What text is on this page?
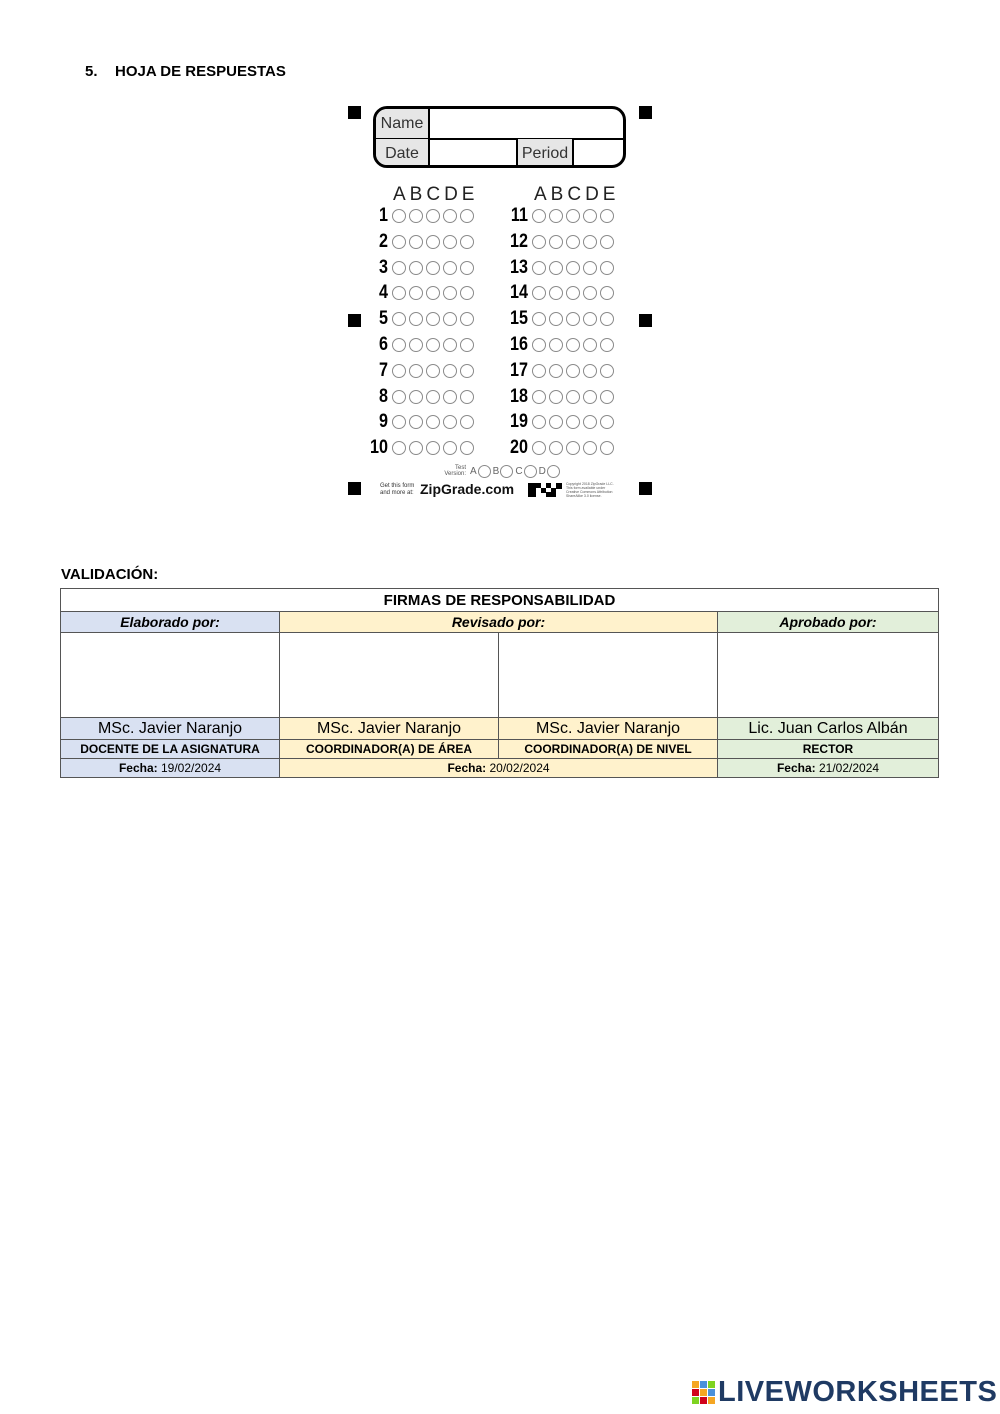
5. HOJA DE RESPUESTAS
Name
Date	Period
ABCDE	ABCDE
Test Version: A B C D
Get this form and more at: ZipGrade.com	Copyright 2018 ZipGrade LLC. This form available under Creative Commons Attribution ShareAlike 3.0 license.
1
2
3
4
5
6
7
8
9
10
11
12
13
14
15
16
17
18
19
20
VALIDACIÓN:
FIRMAS DE RESPONSABILIDAD			
Elaborado por:	Revisado por:		Aprobado por:

MSc. Javier Naranjo	MSc. Javier Naranjo	MSc. Javier Naranjo	Lic. Juan Carlos Albán
DOCENTE DE LA ASIGNATURA	COORDINADOR(A) DE ÁREA	COORDINADOR(A) DE NIVEL	RECTOR
Fecha: 19/02/2024	Fecha: 20/02/2024		Fecha: 21/02/2024
LIVEWORKSHEETS
